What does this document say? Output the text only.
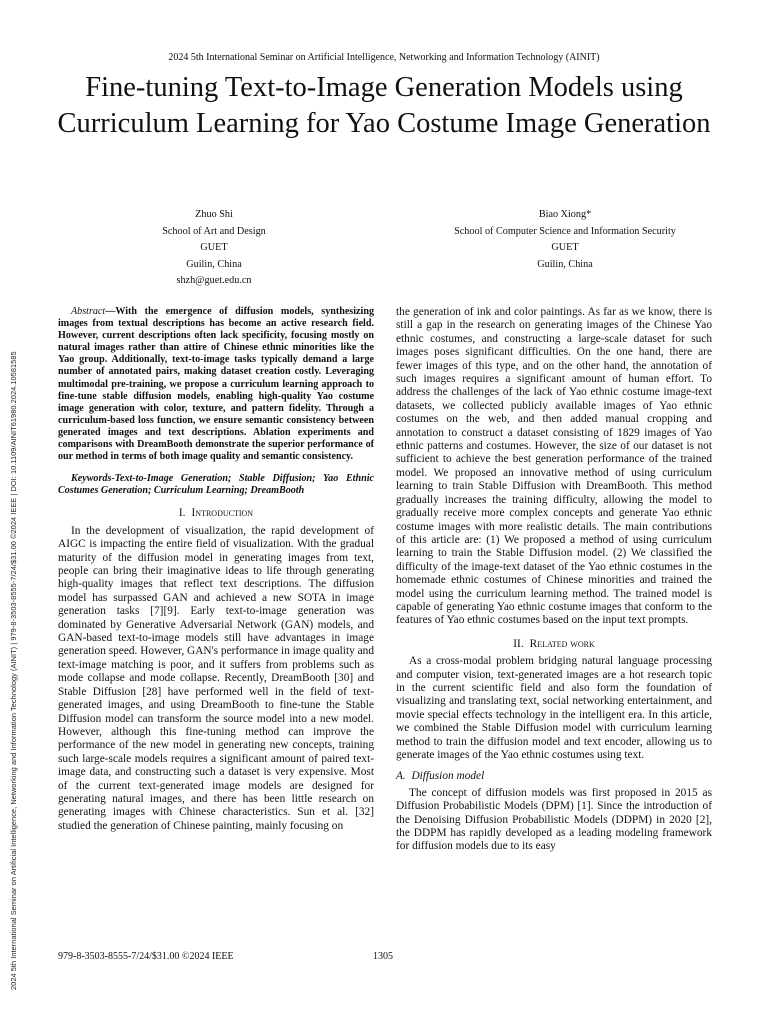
2024 5th International Seminar on Artificial Intelligence, Networking and Information Technology (AINIT) | 979-8-3503-8555-7/24/$31.00 ©2024 IEEE | DOI: 10.1109/AINIT61980.2024.10581585
2024 5th International Seminar on Artificial Intelligence, Networking and Information Technology (AINIT)
Fine-tuning Text-to-Image Generation Models using Curriculum Learning for Yao Costume Image Generation
Zhuo Shi
School of Art and Design
GUET
Guilin, China
shzh@guet.edu.cn
Biao Xiong*
School of Computer Science and Information Security
GUET
Guilin, China

Abstract—With the emergence of diffusion models, synthesizing images from textual descriptions has become an active research field. However, current descriptions often lack specificity, focusing mostly on natural images rather than attire of Chinese ethnic minorities like the Yao group. Additionally, text-to-image tasks typically demand a large number of annotated pairs, making dataset creation costly. Leveraging multimodal pre-training, we propose a curriculum learning approach to fine-tune stable diffusion models, enabling high-quality Yao costume image generation with color, texture, and pattern fidelity. Through a curriculum-based loss function, we ensure semantic consistency between generated images and text descriptions. Ablation experiments and comparisons with DreamBooth demonstrate the superior performance of our method in terms of both image quality and semantic consistency.

Keywords-Text-to-Image Generation; Stable Diffusion; Yao Ethnic Costumes Generation; Curriculum Learning; DreamBooth

I. Introduction

In the development of visualization, the rapid development of AIGC is impacting the entire field of visualization. With the gradual maturity of the diffusion model in generating images from text, people can bring their imaginative ideas to life through generating high-quality images that reflect text descriptions. The diffusion model has surpassed GAN and achieved a new SOTA in image generation tasks [7][9]. Early text-to-image generation was dominated by Generative Adversarial Network (GAN) models, and GAN-based text-to-image models still have advantages in image generation speed. However, GAN's performance in image quality and text-image matching is poor, and it suffers from problems such as mode collapse and mode collapse. Recently, DreamBooth [30] and Stable Diffusion [28] have performed well in the field of text-generated images, and using DreamBooth to fine-tune the Stable Diffusion model can transform the source model into a new model. However, although this fine-tuning method can improve the performance of the new model in generating new concepts, training such large-scale models requires a significant amount of paired text-image data, and constructing such a dataset is very expensive. Most of the current text-generated image models are designed for generating natural images, and there has been little research on generating images with Chinese characteristics. Sun et al. [32] studied the generation of Chinese painting, mainly focusing on

the generation of ink and color paintings. As far as we know, there is still a gap in the research on generating images of the Chinese Yao ethnic costumes, and constructing a large-scale dataset for such images poses significant difficulties. On the one hand, there are fewer images of this type, and on the other hand, the annotation of such images requires a significant amount of human effort. To address the challenges of the lack of Yao ethnic costume image-text datasets, we collected publicly available images of Yao ethnic costumes on the web, and then added manual cropping and annotation to construct a dataset consisting of 1829 images of Yao ethnic patterns and costumes. However, the size of our dataset is not sufficient to achieve the best generation performance of the trained model. We proposed an innovative method of using curriculum learning to train Stable Diffusion with DreamBooth. This method gradually increases the training difficulty, allowing the model to gradually receive more complex concepts and generate Yao ethnic costume images with more realistic details. The main contributions of this article are: (1) We proposed a method of using curriculum learning to train the Stable Diffusion model. (2) We classified the difficulty of the image-text dataset of the Yao ethnic costumes in the homemade ethnic costumes of Chinese minorities and trained the model using the curriculum learning method. The trained model is capable of generating Yao ethnic costume images that conform to the features of Yao ethnic costumes based on the input text prompts.

II. Related work

As a cross-modal problem bridging natural language processing and computer vision, text-generated images are a hot research topic in the current scientific field and also form the foundation of visualizing and translating text, social networking entertainment, and movie special effects technology in the intelligent era. In this article, we combined the Stable Diffusion model with curriculum learning method to train the diffusion model and text encoder, allowing us to generate images of the Yao ethnic costumes using text.

A. Diffusion model

The concept of diffusion models was first proposed in 2015 as Diffusion Probabilistic Models (DPM) [1]. Since the introduction of the Denoising Diffusion Probabilistic Models (DDPM) in 2020 [2], the DDPM has rapidly developed as a leading modeling framework for diffusion models due to its easy

979-8-3503-8555-7/24/$31.00 ©2024 IEEE	1305
